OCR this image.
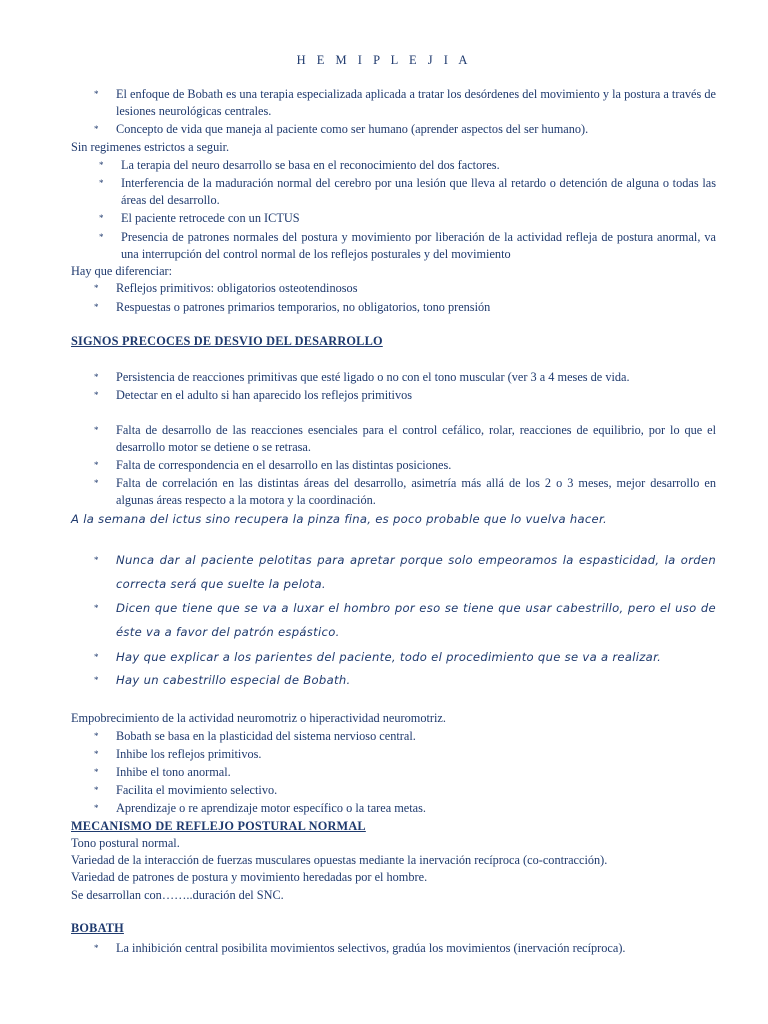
H E M I P L E J I A
* El enfoque de Bobath es una terapia especializada aplicada a tratar los desórdenes del movimiento y la postura a través de lesiones neurológicas centrales.
* Concepto de vida que maneja al paciente como ser humano (aprender aspectos del ser humano).
Sin regimenes estrictos a seguir.
* La terapia del neuro desarrollo se basa en el reconocimiento del dos factores.
* Interferencia de la maduración normal del cerebro por una lesión que lleva al retardo o detención de alguna o todas las áreas del desarrollo.
* El paciente retrocede con un ICTUS
* Presencia de patrones normales del postura y movimiento por liberación de la actividad refleja de postura anormal, va una interrupción del control normal de los reflejos posturales y del movimiento
Hay que diferenciar:
* Reflejos primitivos: obligatorios osteotendinosos
* Respuestas o patrones primarios temporarios, no obligatorios, tono prensión
SIGNOS PRECOCES DE DESVIO DEL DESARROLLO
* Persistencia de reacciones primitivas que esté ligado o no con el tono muscular (ver 3 a 4 meses de vida.
* Detectar en el adulto si han aparecido los reflejos primitivos
* Falta de desarrollo de las reacciones esenciales para el control cefálico, rolar, reacciones de equilibrio, por lo que el desarrollo motor se detiene o se retrasa.
* Falta de correspondencia en el desarrollo en las distintas posiciones.
* Falta de correlación en las distintas áreas del desarrollo, asimetría más allá de los 2 o 3 meses, mejor desarrollo en algunas áreas respecto a la motora y la coordinación.
A la semana del ictus sino recupera la pinza fina, es poco probable que lo vuelva hacer.
* Nunca dar al paciente pelotitas para apretar porque solo empeoramos la espasticidad, la orden correcta será que suelte la pelota.
* Dicen que tiene que se va a luxar el hombro por eso se tiene que usar cabestrillo, pero el uso de éste va a favor del patrón espástico.
* Hay que explicar a los parientes del paciente, todo el procedimiento que se va a realizar.
* Hay un cabestrillo especial de Bobath.
Empobrecimiento de la actividad neuromotriz o hiperactividad neuromotriz.
* Bobath se basa en la plasticidad del sistema nervioso central.
* Inhibe los reflejos primitivos.
* Inhibe el tono anormal.
* Facilita el movimiento selectivo.
* Aprendizaje o re aprendizaje motor específico o la tarea metas.
MECANISMO DE REFLEJO POSTURAL NORMAL
Tono postural normal.
Variedad de la interacción de fuerzas musculares opuestas mediante la inervación recíproca (co-contracción).
Variedad de patrones de postura y movimiento heredadas por el hombre.
Se desarrollan con……..duración del SNC.
BOBATH
* La inhibición central posibilita movimientos selectivos, gradúa los movimientos (inervación recíproca).
